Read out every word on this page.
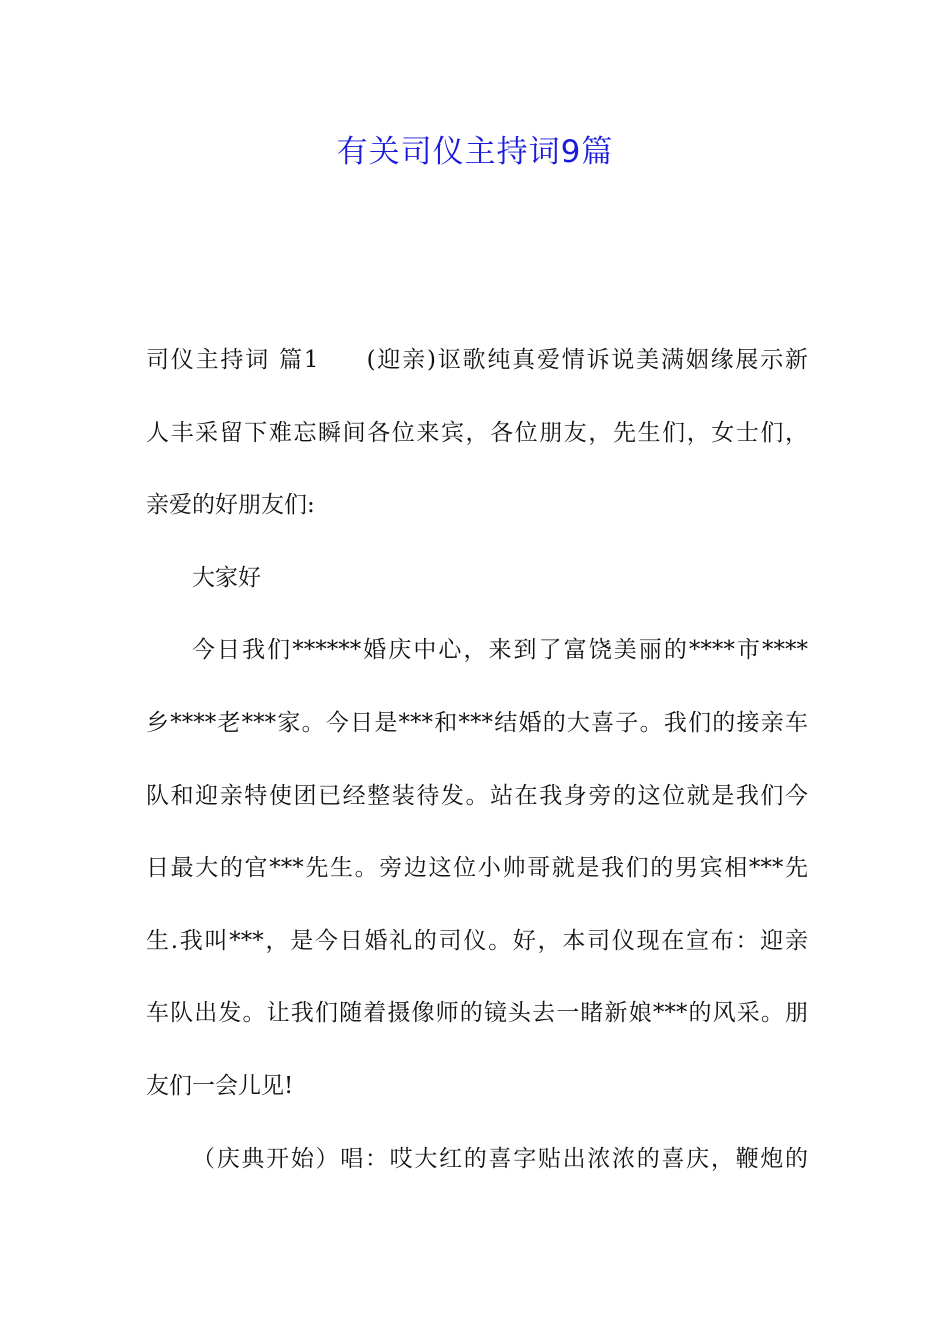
有关司仪主持词9篇
司仪主持词 篇1 (迎亲)讴歌纯真爱情诉说美满姻缘展示新
人丰采留下难忘瞬间各位来宾，各位朋友，先生们，女士们，
亲爱的好朋友们:
大家好
今日我们******婚庆中心，来到了富饶美丽的****市****
乡****老***家。今日是***和***结婚的大喜子。我们的接亲车
队和迎亲特使团已经整装待发。站在我身旁的这位就是我们今
日最大的官***先生。旁边这位小帅哥就是我们的男宾相***先
生.我叫***，是今日婚礼的司仪。好，本司仪现在宣布：迎亲
车队出发。让我们随着摄像师的镜头去一睹新娘***的风采。朋
友们一会儿见!
（庆典开始）唱：哎大红的喜字贴出浓浓的喜庆，鞭炮的
